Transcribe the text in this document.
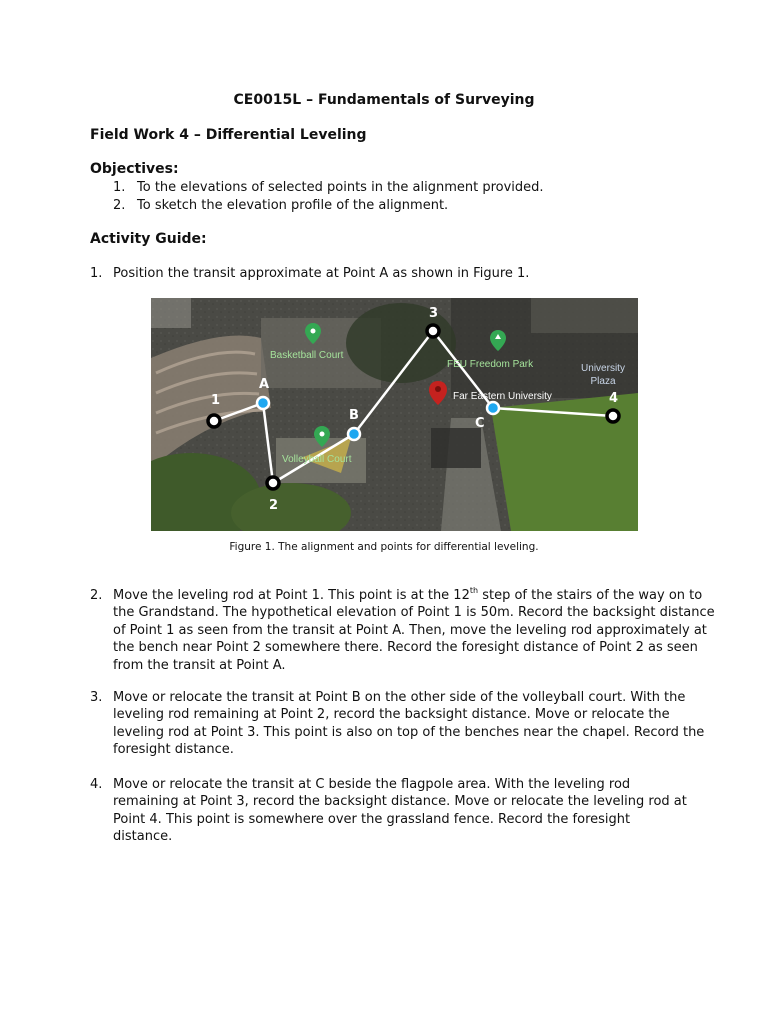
CE0015L – Fundamentals of Surveying

Field Work 4 – Differential Leveling

Objectives:

1. To the elevations of selected points in the alignment provided.
2. To sketch the elevation profile of the alignment.

Activity Guide:

1. Position the transit approximate at Point A as shown in Figure 1.
Basketball Court
Volleyball Court
FEU Freedom Park
Far Eastern University
University
Plaza
1
A
2
B
3
C
4

Figure 1. The alignment and points for differential leveling.

2. Move the leveling rod at Point 1. This point is at the 12th step of the stairs of the way on to
the Grandstand. The hypothetical elevation of Point 1 is 50m. Record the backsight distance
of Point 1 as seen from the transit at Point A. Then, move the leveling rod approximately at
the bench near Point 2 somewhere there. Record the foresight distance of Point 2 as seen
from the transit at Point A.
3. Move or relocate the transit at Point B on the other side of the volleyball court. With the
leveling rod remaining at Point 2, record the backsight distance. Move or relocate the
leveling rod at Point 3. This point is also on top of the benches near the chapel. Record the
foresight distance.
4. Move or relocate the transit at C beside the flagpole area. With the leveling rod
remaining at Point 3, record the backsight distance. Move or relocate the leveling rod at
Point 4. This point is somewhere over the grassland fence. Record the foresight
distance.
